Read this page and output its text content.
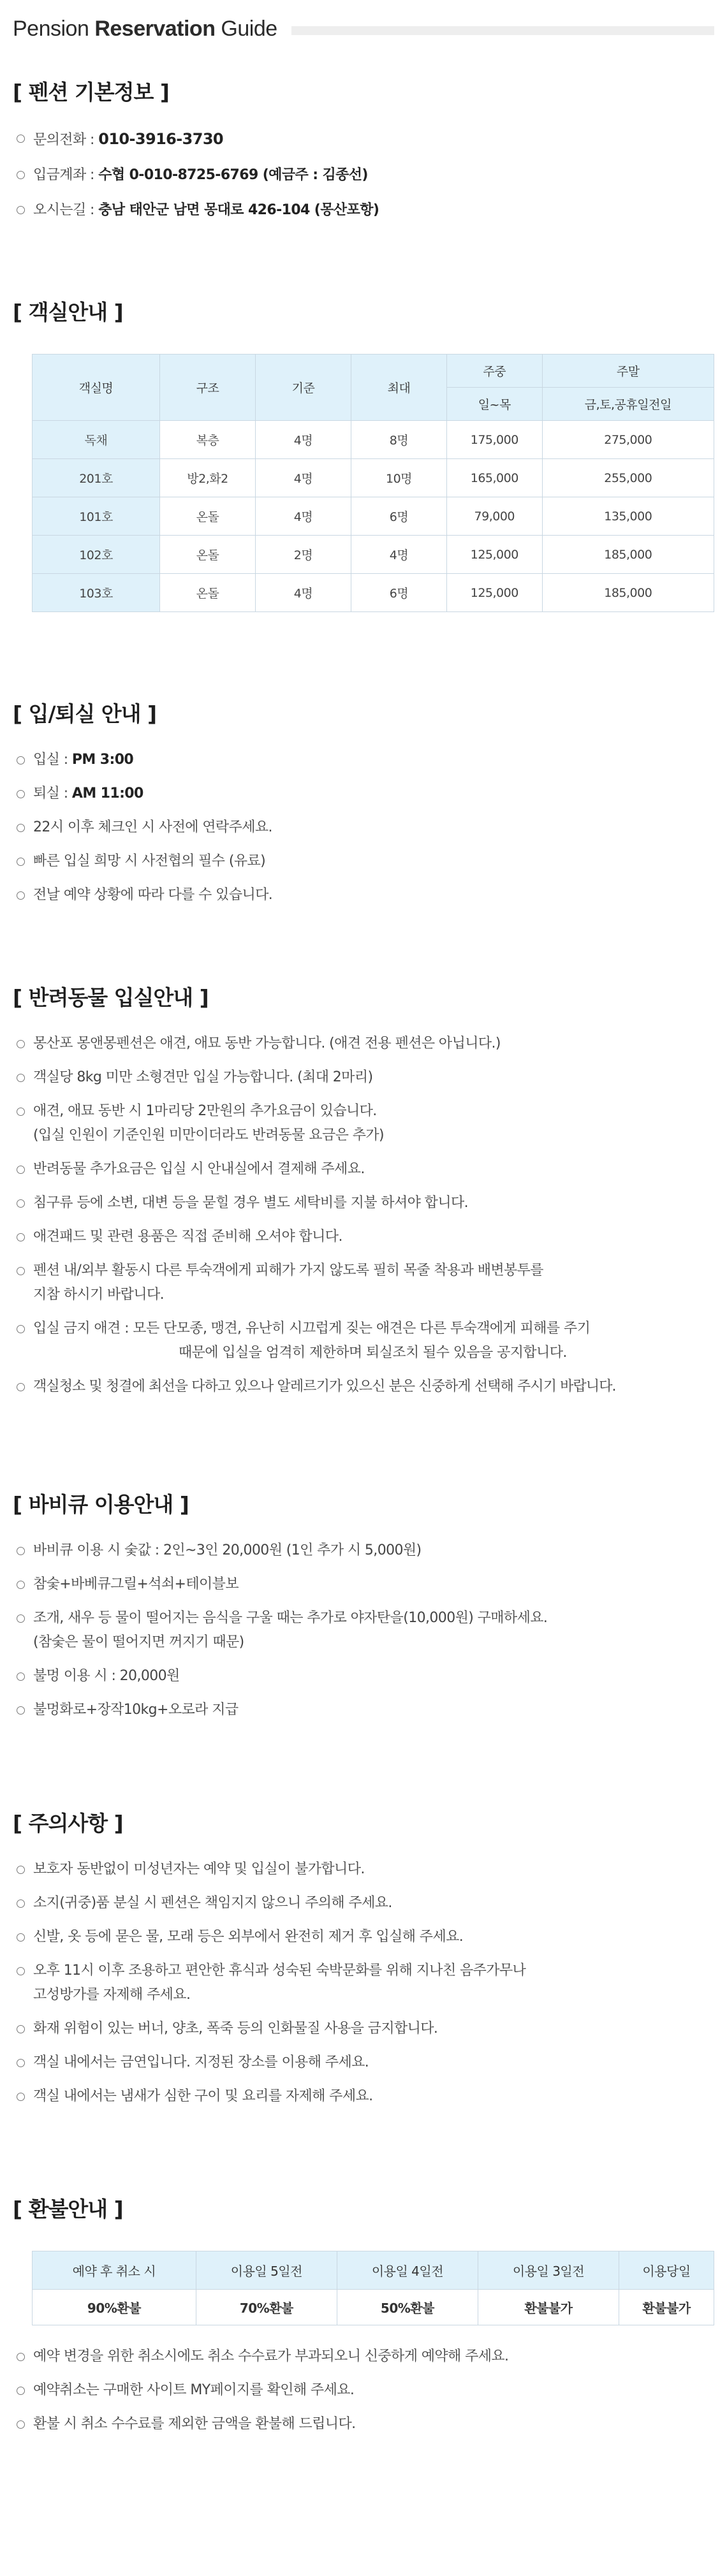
Pension Reservation Guide
[ 펜션 기본정보 ]
문의전화 : 010-3916-3730
입금계좌 : 수협 0-010-8725-6769 (예금주 : 김종선)
오시는길 : 충남 태안군 남면 몽대로 426-104 (몽산포항)
[ 객실안내 ]
객실명	구조	기준	최대	주중	주말
				일~목	금,토,공휴일전일
독채	복층	4명	8명	175,000	275,000
201호	방2,화2	4명	10명	165,000	255,000
101호	온돌	4명	6명	79,000	135,000
102호	온돌	2명	4명	125,000	185,000
103호	온돌	4명	6명	125,000	185,000
[ 입/퇴실 안내 ]
입실 : PM 3:00
퇴실 : AM 11:00
22시 이후 체크인 시 사전에 연락주세요.
빠른 입실 희망 시 사전협의 필수 (유료)
전날 예약 상황에 따라 다를 수 있습니다.
[ 반려동물 입실안내 ]
몽산포 몽앤몽펜션은 애견, 애묘 동반 가능합니다. (애견 전용 펜션은 아닙니다.)
객실당 8kg 미만 소형견만 입실 가능합니다. (최대 2마리)
애견, 애묘 동반 시 1마리당 2만원의 추가요금이 있습니다.
(입실 인원이 기준인원 미만이더라도 반려동물 요금은 추가)
반려동물 추가요금은 입실 시 안내실에서 결제해 주세요.
침구류 등에 소변, 대변 등을 묻힐 경우 별도 세탁비를 지불 하셔야 합니다.
애견패드 및 관련 용품은 직접 준비해 오셔야 합니다.
펜션 내/외부 활동시 다른 투숙객에게 피해가 가지 않도록 필히 목줄 착용과 배변봉투를
지참 하시기 바랍니다.
입실 금지 애견 : 모든 단모종, 맹견, 유난히 시끄럽게 짖는 애견은 다른 투숙객에게 피해를 주기
때문에 입실을 엄격히 제한하며 퇴실조치 될수 있음을 공지합니다.
객실청소 및 청결에 최선을 다하고 있으나 알레르기가 있으신 분은 신중하게 선택해 주시기 바랍니다.
[ 바비큐 이용안내 ]
바비큐 이용 시 숯값 : 2인~3인 20,000원 (1인 추가 시 5,000원)
참숯+바베큐그릴+석쇠+테이블보
조개, 새우 등 물이 떨어지는 음식을 구울 때는 추가로 야자탄을(10,000원) 구매하세요.
(참숯은 물이 떨어지면 꺼지기 때문)
불멍 이용 시 : 20,000원
불멍화로+장작10kg+오로라 지급
[ 주의사항 ]
보호자 동반없이 미성년자는 예약 및 입실이 불가합니다.
소지(귀중)품 분실 시 펜션은 책임지지 않으니 주의해 주세요.
신발, 옷 등에 묻은 물, 모래 등은 외부에서 완전히 제거 후 입실해 주세요.
오후 11시 이후 조용하고 편안한 휴식과 성숙된 숙박문화를 위해 지나친 음주가무나
고성방가를 자제해 주세요.
화재 위험이 있는 버너, 양초, 폭죽 등의 인화물질 사용을 금지합니다.
객실 내에서는 금연입니다. 지정된 장소를 이용해 주세요.
객실 내에서는 냄새가 심한 구이 및 요리를 자제해 주세요.
[ 환불안내 ]
예약 후 취소 시	이용일 5일전	이용일 4일전	이용일 3일전	이용당일
90%환불	70%환불	50%환불	환불불가	환불불가
예약 변경을 위한 취소시에도 취소 수수료가 부과되오니 신중하게 예약해 주세요.
예약취소는 구매한 사이트 MY페이지를 확인해 주세요.
환불 시 취소 수수료를 제외한 금액을 환불해 드립니다.
